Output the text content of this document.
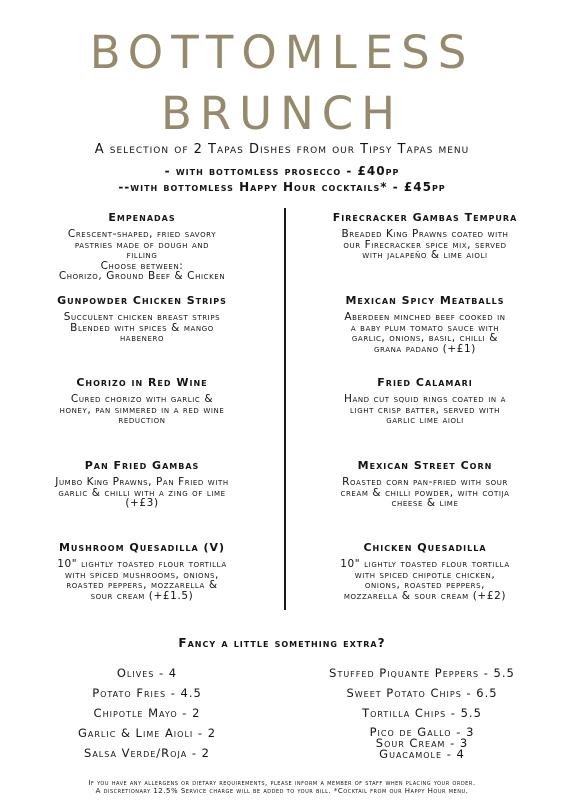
BOTTOMLESS
BRUNCH
A selection of 2 Tapas Dishes from our Tipsy Tapas menu
- with bottomless prosecco - £40pp
--with bottomless Happy Hour cocktails* - £45pp
Empenadas
Crescent-shaped, fried savory
pastries made of dough and
filling
Choose between:
Chorizo, Ground Beef & Chicken
Gunpowder Chicken Strips
Succulent chicken breast strips
Blended with spices & mango
habenero
Chorizo in Red Wine
Cured chorizo with garlic &
honey, pan simmered in a red wine
reduction
Pan Fried Gambas
Jumbo King Prawns, Pan Fried with
garlic & chilli with a zing of lime
(+£3)
Mushroom Quesadilla (V)
10" lightly toasted flour tortilla
with spiced mushrooms, onions,
roasted peppers, mozzarella &
sour cream (+£1.5)
Firecracker Gambas Tempura
Breaded King Prawns coated with
our Firecracker spice mix, served
with jalapeño & lime aioli
Mexican Spicy Meatballs
Aberdeen minched beef cooked in
a baby plum tomato sauce with
garlic, onions, basil, chilli &
grana padano (+£1)
Fried Calamari
Hand cut squid rings coated in a
light crisp batter, served with
garlic lime aioli
Mexican Street Corn
Roasted corn pan-fried with sour
cream & chilli powder, with cotija
cheese & lime
Chicken Quesadilla
10" lightly toasted flour tortilla
with spiced chipotle chicken,
onions, roasted peppers,
mozzarella & sour cream (+£2)
Fancy a little something extra?
Olives - 4
Potato Fries - 4.5
Chipotle Mayo - 2
Garlic & Lime Aioli - 2
Salsa Verde/Roja - 2
Stuffed Piquante Peppers - 5.5
Sweet Potato Chips - 6.5
Tortilla Chips - 5.5
Pico de Gallo - 3
Sour Cream - 3
Guacamole - 4
If you have any allergens or dietary requirements, please inform a member of staff when placing your order.
A discretionary 12.5% Service charge will be added to your bill. *Cocktail from our Happy Hour menu.
